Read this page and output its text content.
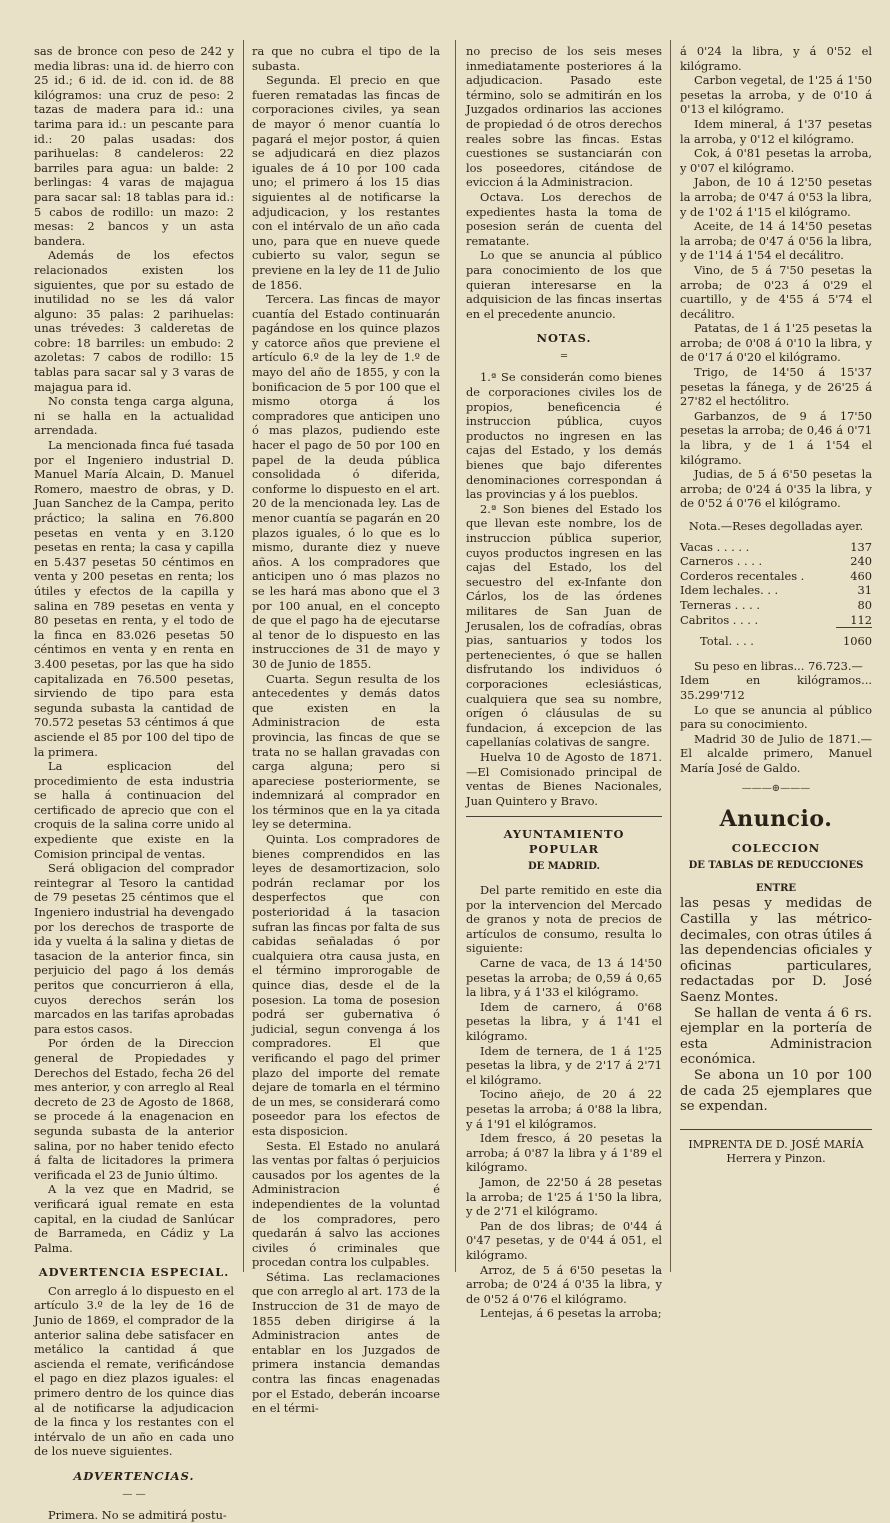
sas de bronce con peso de 242 y media libras: una id. de hierro con 25 id.; 6 id. de id. con id. de 88 kilógramos: una cruz de peso: 2 tazas de madera para id.: una tarima para id.: un pescante para id.: 20 palas usadas: dos parihuelas: 8 candeleros: 22 barriles para agua: un balde: 2 berlingas: 4 varas de majagua para sacar sal: 18 tablas para id.: 5 cabos de rodillo: un mazo: 2 mesas: 2 bancos y un asta bandera.

Además de los efectos relacionados existen los siguientes, que por su estado de inutilidad no se les dá valor alguno: 35 palas: 2 parihuelas: unas trévedes: 3 calderetas de cobre: 18 barriles: un embudo: 2 azoletas: 7 cabos de rodillo: 15 tablas para sacar sal y 3 varas de majagua para id.

No consta tenga carga alguna, ni se halla en la actualidad arrendada.

La mencionada finca fué tasada por el Ingeniero industrial D. Manuel María Alcain, D. Manuel Romero, maestro de obras, y D. Juan Sanchez de la Campa, perito práctico; la salina en 76.800 pesetas en venta y en 3.120 pesetas en renta; la casa y capilla en 5.437 pesetas 50 céntimos en venta y 200 pesetas en renta; los útiles y efectos de la capilla y salina en 789 pesetas en venta y 80 pesetas en renta, y el todo de la finca en 83.026 pesetas 50 céntimos en venta y en renta en 3.400 pesetas, por las que ha sido capitalizada en 76.500 pesetas, sirviendo de tipo para esta segunda subasta la cantidad de 70.572 pesetas 53 céntimos á que asciende el 85 por 100 del tipo de la primera.

La esplicacion del procedimiento de esta industria se halla á continuacion del certificado de aprecio que con el croquis de la salina corre unido al expediente que existe en la Comision principal de ventas.

Será obligacion del comprador reintegrar al Tesoro la cantidad de 79 pesetas 25 céntimos que el Ingeniero industrial ha devengado por los derechos de trasporte de ida y vuelta á la salina y dietas de tasacion de la anterior finca, sin perjuicio del pago á los demás peritos que concurrieron á ella, cuyos derechos serán los marcados en las tarifas aprobadas para estos casos.

Por órden de la Direccion general de Propiedades y Derechos del Estado, fecha 26 del mes anterior, y con arreglo al Real decreto de 23 de Agosto de 1868, se procede á la enagenacion en segunda subasta de la anterior salina, por no haber tenido efecto á falta de licitadores la primera verificada el 23 de Junio último.

A la vez que en Madrid, se verificará igual remate en esta capital, en la ciudad de Sanlúcar de Barrameda, en Cádiz y La Palma.

ADVERTENCIA ESPECIAL.

Con arreglo á lo dispuesto en el artículo 3.º de la ley de 16 de Junio de 1869, el comprador de la anterior salina debe satisfacer en metálico la cantidad á que ascienda el remate, verificándose el pago en diez plazos iguales: el primero dentro de los quince dias al de notificarse la adjudicacion de la finca y los restantes con el intérvalo de un año en cada uno de los nueve siguientes.

ADVERTENCIAS.

— —

Primera. No se admitirá postu-

ra que no cubra el tipo de la subasta.

Segunda. El precio en que fueren rematadas las fincas de corporaciones civiles, ya sean de mayor ó menor cuantía lo pagará el mejor postor, á quien se adjudicará en diez plazos iguales de á 10 por 100 cada uno; el primero á los 15 dias siguientes al de notificarse la adjudicacion, y los restantes con el intérvalo de un año cada uno, para que en nueve quede cubierto su valor, segun se previene en la ley de 11 de Julio de 1856.

Tercera. Las fincas de mayor cuantía del Estado continuarán pagándose en los quince plazos y catorce años que previene el artículo 6.º de la ley de 1.º de mayo del año de 1855, y con la bonificacion de 5 por 100 que el mismo otorga á los compradores que anticipen uno ó mas plazos, pudiendo este hacer el pago de 50 por 100 en papel de la deuda pública consolidada ó diferida, conforme lo dispuesto en el art. 20 de la mencionada ley. Las de menor cuantía se pagarán en 20 plazos iguales, ó lo que es lo mismo, durante diez y nueve años. A los compradores que anticipen uno ó mas plazos no se les hará mas abono que el 3 por 100 anual, en el concepto de que el pago ha de ejecutarse al tenor de lo dispuesto en las instrucciones de 31 de mayo y 30 de Junio de 1855.

Cuarta. Segun resulta de los antecedentes y demás datos que existen en la Administracion de esta provincia, las fincas de que se trata no se hallan gravadas con carga alguna; pero si apareciese posteriormente, se indemnizará al comprador en los términos que en la ya citada ley se determina.

Quinta. Los compradores de bienes comprendidos en las leyes de desamortizacion, solo podrán reclamar por los desperfectos que con posterioridad á la tasacion sufran las fincas por falta de sus cabidas señaladas ó por cualquiera otra causa justa, en el término improrogable de quince dias, desde el de la posesion. La toma de posesion podrá ser gubernativa ó judicial, segun convenga á los compradores. El que verificando el pago del primer plazo del importe del remate dejare de tomarla en el término de un mes, se considerará como poseedor para los efectos de esta disposicion.

Sesta. El Estado no anulará las ventas por faltas ó perjuicios causados por los agentes de la Administracion é independientes de la voluntad de los compradores, pero quedarán á salvo las acciones civiles ó criminales que procedan contra los culpables.

Sétima. Las reclamaciones que con arreglo al art. 173 de la Instruccion de 31 de mayo de 1855 deben dirigirse á la Administracion antes de entablar en los Juzgados de primera instancia demandas contra las fincas enagenadas por el Estado, deberán incoarse en el térmi-

no preciso de los seis meses inmediatamente posteriores á la adjudicacion. Pasado este término, solo se admitirán en los Juzgados ordinarios las acciones de propiedad ó de otros derechos reales sobre las fincas. Estas cuestiones se sustanciarán con los poseedores, citándose de eviccion á la Administracion.

Octava. Los derechos de expedientes hasta la toma de posesion serán de cuenta del rematante.

Lo que se anuncia al público para conocimiento de los que quieran interesarse en la adquisicion de las fincas insertas en el precedente anuncio.

NOTAS.

═

1.ª Se considerán como bienes de corporaciones civiles los de propios, beneficencia é instruccion pública, cuyos productos no ingresen en las cajas del Estado, y los demás bienes que bajo diferentes denominaciones correspondan á las provincias y á los pueblos.

2.ª Son bienes del Estado los que llevan este nombre, los de instruccion pública superior, cuyos productos ingresen en las cajas del Estado, los del secuestro del ex-Infante don Cárlos, los de las órdenes militares de San Juan de Jerusalen, los de cofradías, obras pias, santuarios y todos los pertenecientes, ó que se hallen disfrutando los individuos ó corporaciones eclesiásticas, cualquiera que sea su nombre, orígen ó cláusulas de su fundacion, á excepcion de las capellanías colativas de sangre.

Huelva 10 de Agosto de 1871. —El Comisionado principal de ventas de Bienes Nacionales, Juan Quintero y Bravo.

AYUNTAMIENTO POPULAR

DE MADRID.

Del parte remitido en este dia por la intervencion del Mercado de granos y nota de precios de artículos de consumo, resulta lo siguiente:

Carne de vaca, de 13 á 14'50 pesetas la arroba; de 0,59 á 0,65 la libra, y á 1'33 el kilógramo.

Idem de carnero, á 0'68 pesetas la libra, y á 1'41 el kilógramo.

Idem de ternera, de 1 á 1'25 pesetas la libra, y de 2'17 á 2'71 el kilógramo.

Tocino añejo, de 20 á 22 pesetas la arroba; á 0'88 la libra, y á 1'91 el kilógramos.

Idem fresco, á 20 pesetas la arroba; á 0'87 la libra y á 1'89 el kilógramo.

Jamon, de 22'50 á 28 pesetas la arroba; de 1'25 á 1'50 la libra, y de 2'71 el kilógramo.

Pan de dos libras; de 0'44 á 0'47 pesetas, y de 0'44 á 051, el kilógramo.

Arroz, de 5 á 6'50 pesetas la arroba; de 0'24 á 0'35 la libra, y de 0'52 á 0'76 el kilógramo.

Lentejas, á 6 pesetas la arroba;

á 0'24 la libra, y á 0'52 el kilógramo.

Carbon vegetal, de 1'25 á 1'50 pesetas la arroba, y de 0'10 á 0'13 el kilógramo.

Idem mineral, á 1'37 pesetas la arroba, y 0'12 el kilógramo.

Cok, á 0'81 pesetas la arroba, y 0'07 el kilógramo.

Jabon, de 10 á 12'50 pesetas la arroba; de 0'47 á 0'53 la libra, y de 1'02 á 1'15 el kilógramo.

Aceite, de 14 á 14'50 pesetas la arroba; de 0'47 á 0'56 la libra, y de 1'14 á 1'54 el decálitro.

Vino, de 5 á 7'50 pesetas la arroba; de 0'23 á 0'29 el cuartillo, y de 4'55 á 5'74 el decálitro.

Patatas, de 1 á 1'25 pesetas la arroba; de 0'08 á 0'10 la libra, y de 0'17 á 0'20 el kilógramo.

Trigo, de 14'50 á 15'37 pesetas la fánega, y de 26'25 á 27'82 el hectólitro.

Garbanzos, de 9 á 17'50 pesetas la arroba; de 0,46 á 0'71 la libra, y de 1 á 1'54 el kilógramo.

Judias, de 5 á 6'50 pesetas la arroba; de 0'24 á 0'35 la libra, y de 0'52 á 0'76 el kilógramo.

Nota.—Reses degolladas ayer.

Vacas . . . . .	137
Carneros . . . .	240
Corderos recentales .	460
Idem lechales. . .	31
Terneras . . . .	80
Cabritos . . . .	112
Total. . . .	1060

Su peso en libras... 76.723.—

Idem en kilógramos... 35.299'712

Lo que se anuncia al público para su conocimiento.

Madrid 30 de Julio de 1871.—El alcalde primero, Manuel María José de Galdo.

———⊕———

Anuncio.

COLECCION

DE TABLAS DE REDUCCIONES

ENTRE

las pesas y medidas de Castilla y las métrico-decimales, con otras útiles á las dependencias oficiales y oficinas particulares, redactadas por D. José Saenz Montes.

Se hallan de venta á 6 rs. ejemplar en la portería de esta Administracion económica.

Se abona un 10 por 100 de cada 25 ejemplares que se expendan.

IMPRENTA DE D. JOSÉ MARÍA Herrera y Pinzon.
